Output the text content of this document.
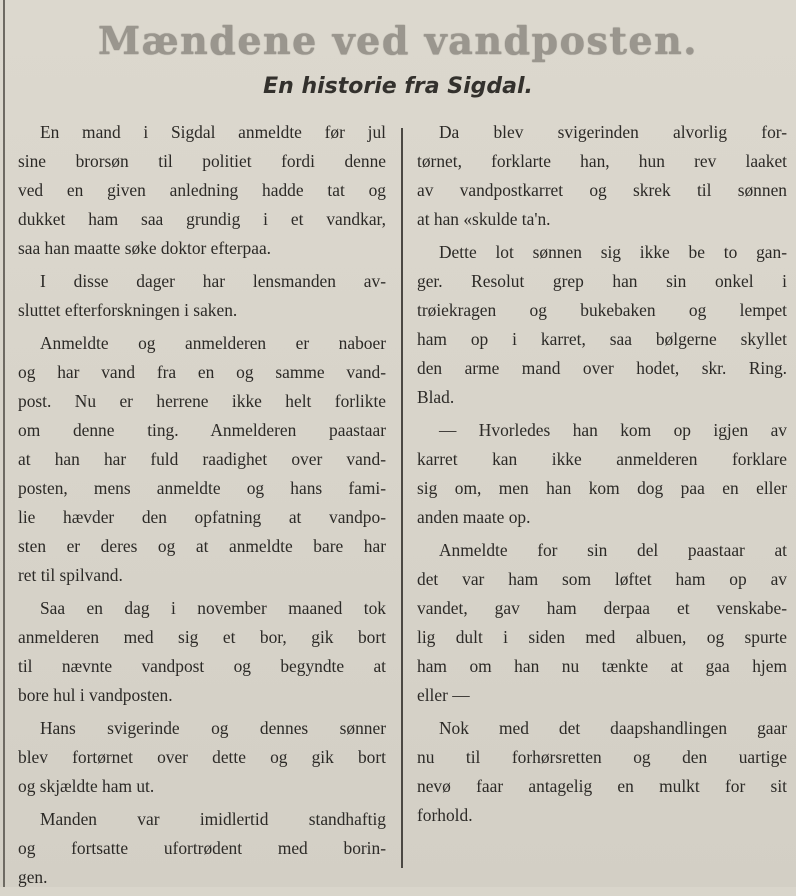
Mændene ved vandposten.
En historie fra Sigdal.
En mand i Sigdal anmeldte før jul
sine brorsøn til politiet fordi denne
ved en given anledning hadde tat og
dukket ham saa grundig i et vandkar,
saa han maatte søke doktor efterpaa.
I disse dager har lensmanden av-
sluttet efterforskningen i saken.
Anmeldte og anmelderen er naboer
og har vand fra en og samme vand-
post. Nu er herrene ikke helt forlikte
om denne ting. Anmelderen paastaar
at han har fuld raadighet over vand-
posten, mens anmeldte og hans fami-
lie hævder den opfatning at vandpo-
sten er deres og at anmeldte bare har
ret til spilvand.
Saa en dag i november maaned tok
anmelderen med sig et bor, gik bort
til nævnte vandpost og begyndte at
bore hul i vandposten.
Hans svigerinde og dennes sønner
blev fortørnet over dette og gik bort
og skjældte ham ut.
Manden var imidlertid standhaftig
og fortsatte ufortrødent med borin-
gen.
Da blev svigerinden alvorlig for-
tørnet, forklarte han, hun rev laaket
av vandpostkarret og skrek til sønnen
at han «skulde ta'n.
Dette lot sønnen sig ikke be to gan-
ger. Resolut grep han sin onkel i
trøiekragen og bukebaken og lempet
ham op i karret, saa bølgerne skyllet
den arme mand over hodet, skr. Ring.
Blad.
— Hvorledes han kom op igjen av
karret kan ikke anmelderen forklare
sig om, men han kom dog paa en eller
anden maate op.
Anmeldte for sin del paastaar at
det var ham som løftet ham op av
vandet, gav ham derpaa et venskabe-
lig dult i siden med albuen, og spurte
ham om han nu tænkte at gaa hjem
eller —
Nok med det daapshandlingen gaar
nu til forhørsretten og den uartige
nevø faar antagelig en mulkt for sit
forhold.
